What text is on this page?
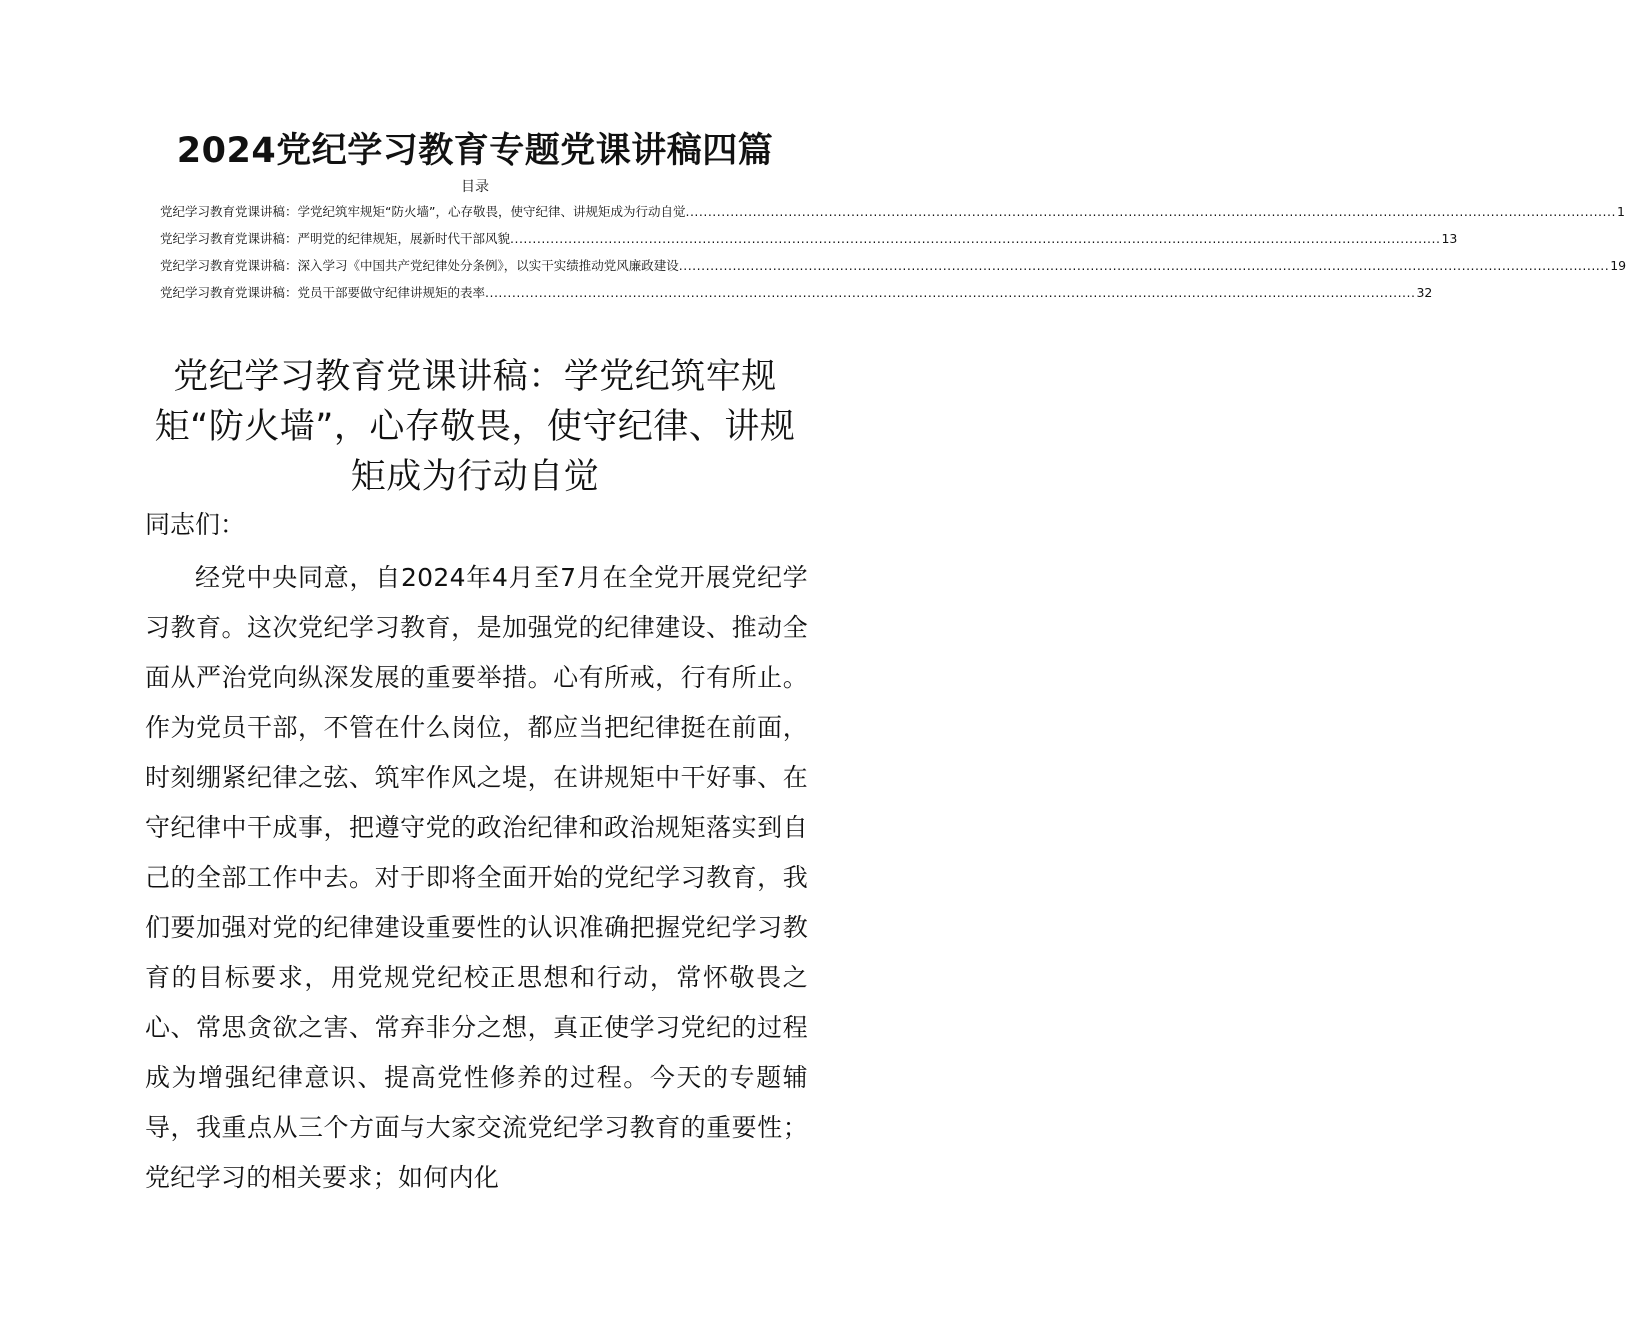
2024党纪学习教育专题党课讲稿四篇
目录
党纪学习教育党课讲稿：学党纪筑牢规矩“防火墙”，心存敬畏，使守纪律、讲规矩成为行动自觉 .....	1
党纪学习教育党课讲稿：严明党的纪律规矩，展新时代干部风貌 .....	13
党纪学习教育党课讲稿：深入学习《中国共产党纪律处分条例》，以实干实绩推动党风廉政建设 .....	19
党纪学习教育党课讲稿：党员干部要做守纪律讲规矩的表率 .....	32
党纪学习教育党课讲稿：学党纪筑牢规矩“防火墙”，心存敬畏，使守纪律、讲规矩成为行动自觉
同志们：

经党中央同意，自2024年4月至7月在全党开展党纪学习教育。这次党纪学习教育，是加强党的纪律建设、推动全面从严治党向纵深发展的重要举措。心有所戒，行有所止。作为党员干部，不管在什么岗位，都应当把纪律挺在前面，时刻绷紧纪律之弦、筑牢作风之堤，在讲规矩中干好事、在守纪律中干成事，把遵守党的政治纪律和政治规矩落实到自己的全部工作中去。对于即将全面开始的党纪学习教育，我们要加强对党的纪律建设重要性的认识准确把握党纪学习教育的目标要求，用党规党纪校正思想和行动，常怀敬畏之心、常思贪欲之害、常弃非分之想，真正使学习党纪的过程成为增强纪律意识、提高党性修养的过程。今天的专题辅导，我重点从三个方面与大家交流党纪学习教育的重要性；党纪学习的相关要求；如何内化
